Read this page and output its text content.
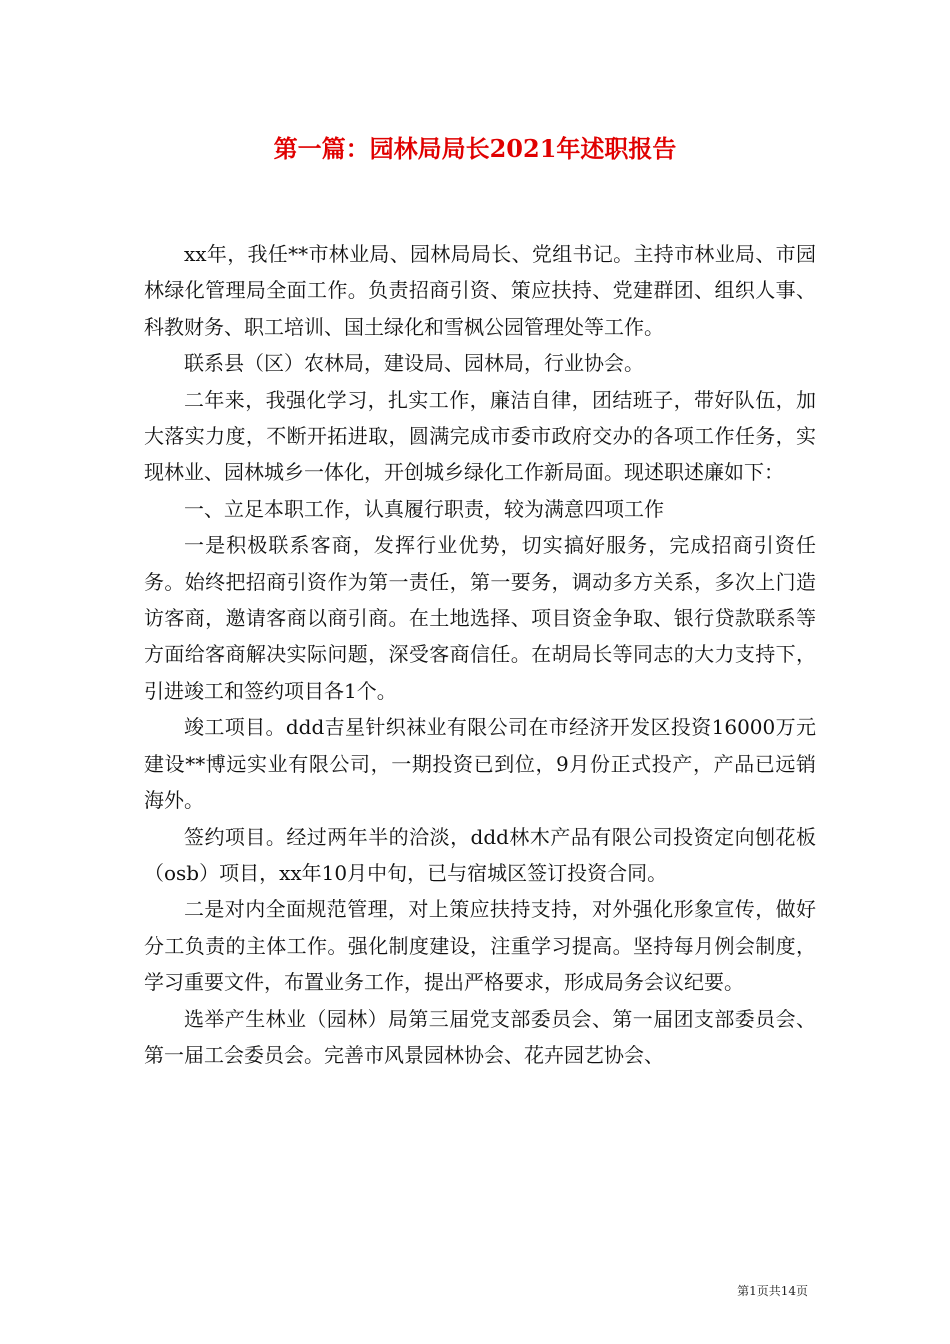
第一篇：园林局局长2021年述职报告

xx年，我任**市林业局、园林局局长、党组书记。主持市林业局、市园林绿化管理局全面工作。负责招商引资、策应扶持、党建群团、组织人事、科教财务、职工培训、国土绿化和雪枫公园管理处等工作。

联系县（区）农林局，建设局、园林局，行业协会。

二年来，我强化学习，扎实工作，廉洁自律，团结班子，带好队伍，加大落实力度，不断开拓进取，圆满完成市委市政府交办的各项工作任务，实现林业、园林城乡一体化，开创城乡绿化工作新局面。现述职述廉如下：

一、立足本职工作，认真履行职责，较为满意四项工作

一是积极联系客商，发挥行业优势，切实搞好服务，完成招商引资任务。始终把招商引资作为第一责任，第一要务，调动多方关系，多次上门造访客商，邀请客商以商引商。在土地选择、项目资金争取、银行贷款联系等方面给客商解决实际问题，深受客商信任。在胡局长等同志的大力支持下，引进竣工和签约项目各1个。

竣工项目。ddd吉星针织袜业有限公司在市经济开发区投资16000万元建设**博远实业有限公司，一期投资已到位，9月份正式投产，产品已远销海外。

签约项目。经过两年半的洽淡，ddd林木产品有限公司投资定向刨花板（osb）项目，xx年10月中旬，已与宿城区签订投资合同。

二是对内全面规范管理，对上策应扶持支持，对外强化形象宣传，做好分工负责的主体工作。强化制度建设，注重学习提高。坚持每月例会制度，学习重要文件，布置业务工作，提出严格要求，形成局务会议纪要。

选举产生林业（园林）局第三届党支部委员会、第一届团支部委员会、第一届工会委员会。完善市风景园林协会、花卉园艺协会、

第1页共14页
